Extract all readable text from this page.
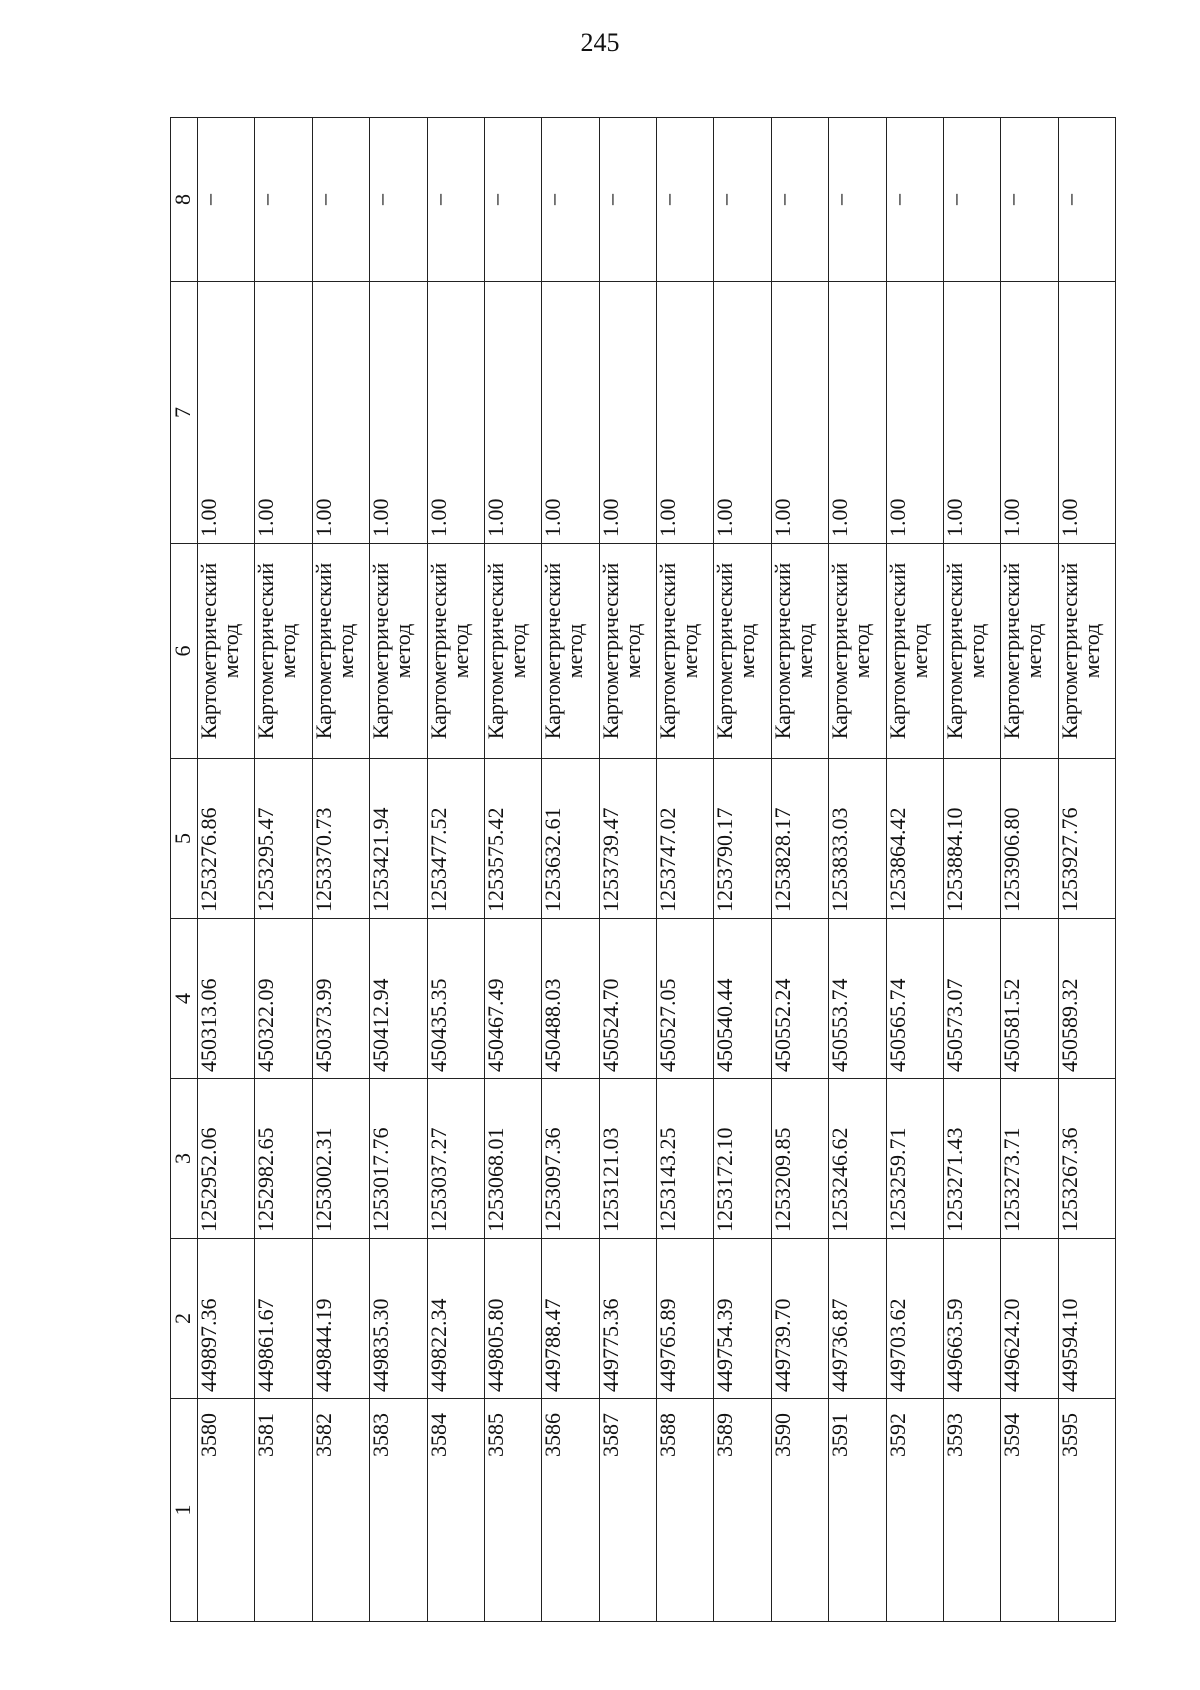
245
1	2	3	4	5	6	7	8
3580	449897.36	1252952.06	450313.06	1253276.86	Картометрический
метод	1.00	–
3581	449861.67	1252982.65	450322.09	1253295.47	Картометрический
метод	1.00	–
3582	449844.19	1253002.31	450373.99	1253370.73	Картометрический
метод	1.00	–
3583	449835.30	1253017.76	450412.94	1253421.94	Картометрический
метод	1.00	–
3584	449822.34	1253037.27	450435.35	1253477.52	Картометрический
метод	1.00	–
3585	449805.80	1253068.01	450467.49	1253575.42	Картометрический
метод	1.00	–
3586	449788.47	1253097.36	450488.03	1253632.61	Картометрический
метод	1.00	–
3587	449775.36	1253121.03	450524.70	1253739.47	Картометрический
метод	1.00	–
3588	449765.89	1253143.25	450527.05	1253747.02	Картометрический
метод	1.00	–
3589	449754.39	1253172.10	450540.44	1253790.17	Картометрический
метод	1.00	–
3590	449739.70	1253209.85	450552.24	1253828.17	Картометрический
метод	1.00	–
3591	449736.87	1253246.62	450553.74	1253833.03	Картометрический
метод	1.00	–
3592	449703.62	1253259.71	450565.74	1253864.42	Картометрический
метод	1.00	–
3593	449663.59	1253271.43	450573.07	1253884.10	Картометрический
метод	1.00	–
3594	449624.20	1253273.71	450581.52	1253906.80	Картометрический
метод	1.00	–
3595	449594.10	1253267.36	450589.32	1253927.76	Картометрический
метод	1.00	–
